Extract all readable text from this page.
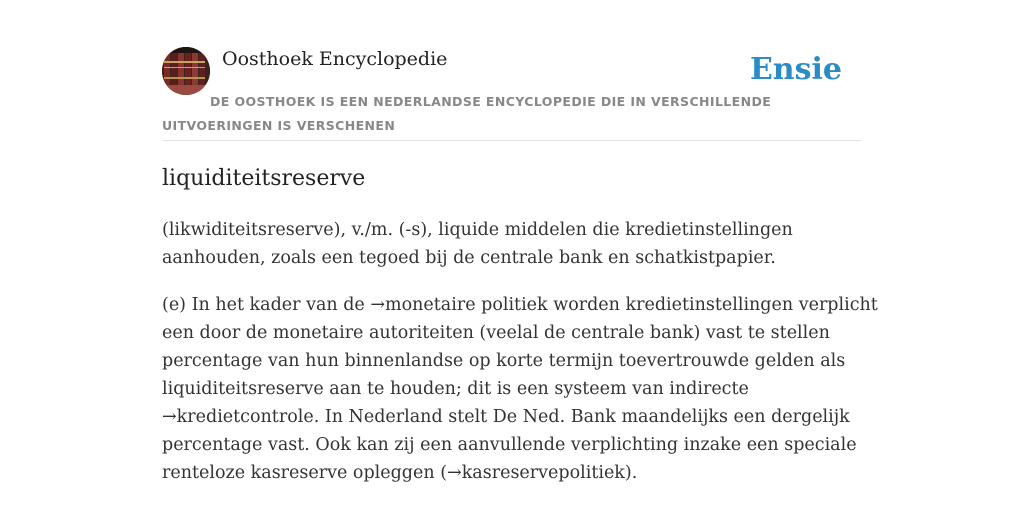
Oosthoek Encyclopedie	Ensie
DE OOSTHOEK IS EEN NEDERLANDSE ENCYCLOPEDIE DIE IN VERSCHILLENDE UITVOERINGEN IS VERSCHENEN
liquiditeitsreserve
(likwiditeitsreserve), v./m. (-s), liquide middelen die kredietinstellingen
aanhouden, zoals een tegoed bij de centrale bank en schatkistpapier.
(e) In het kader van de →monetaire politiek worden kredietinstellingen verplicht
een door de monetaire autoriteiten (veelal de centrale bank) vast te stellen
percentage van hun binnenlandse op korte termijn toevertrouwde gelden als
liquiditeitsreserve aan te houden; dit is een systeem van indirecte
→kredietcontrole. In Nederland stelt De Ned. Bank maandelijks een dergelijk
percentage vast. Ook kan zij een aanvullende verplichting inzake een speciale
renteloze kasreserve opleggen (→kasreservepolitiek).
